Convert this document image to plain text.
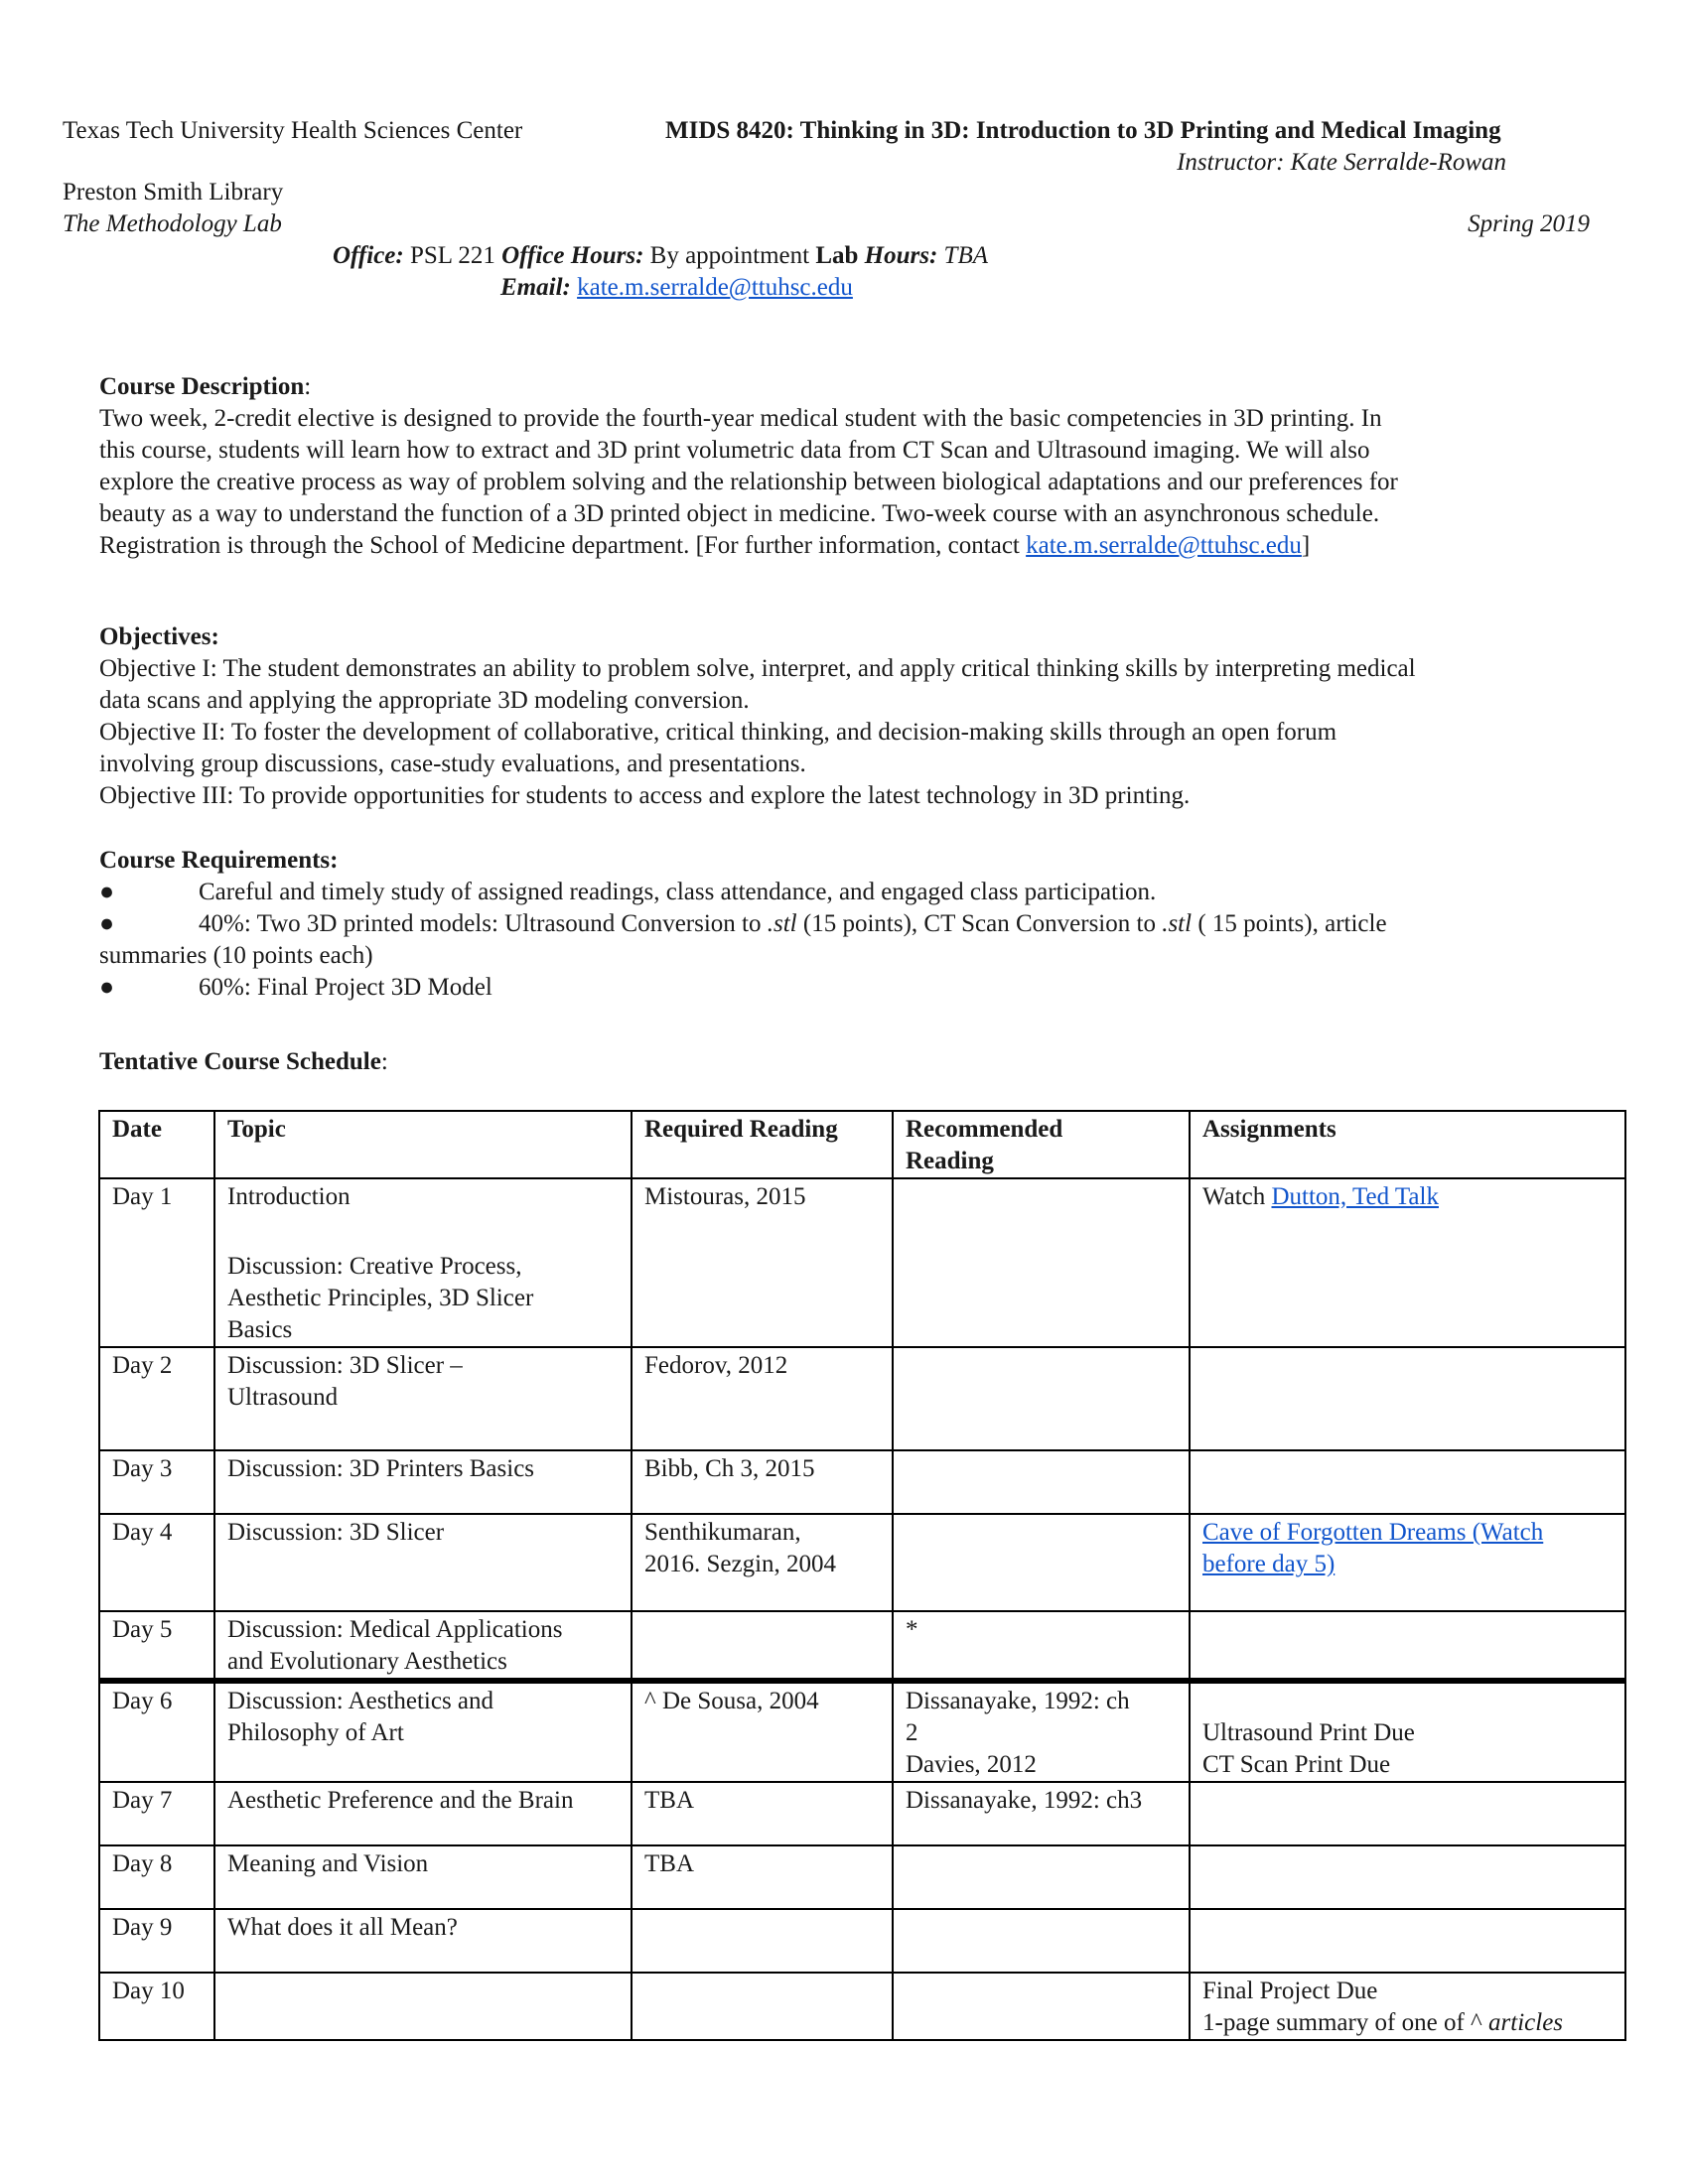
Texas Tech University Health Sciences Center	MIDS 8420: Thinking in 3D: Introduction to 3D Printing and Medical Imaging
Instructor: Kate Serralde-Rowan
Preston Smith Library
The Methodology Lab	Spring 2019
Office: PSL 221 Office Hours: By appointment Lab Hours: TBA
Email: kate.m.serralde@ttuhsc.edu

Course Description:

Two week, 2-credit elective is designed to provide the fourth-year medical student with the basic competencies in 3D printing. In

this course, students will learn how to extract and 3D print volumetric data from CT Scan and Ultrasound imaging. We will also

explore the creative process as way of problem solving and the relationship between biological adaptations and our preferences for

beauty as a way to understand the function of a 3D printed object in medicine. Two-week course with an asynchronous schedule.

Registration is through the School of Medicine department. [For further information, contact kate.m.serralde@ttuhsc.edu]

Objectives:

Objective I: The student demonstrates an ability to problem solve, interpret, and apply critical thinking skills by interpreting medical

data scans and applying the appropriate 3D modeling conversion.

Objective II: To foster the development of collaborative, critical thinking, and decision-making skills through an open forum

involving group discussions, case-study evaluations, and presentations.

Objective III: To provide opportunities for students to access and explore the latest technology in 3D printing.

Course Requirements:

●	Careful and timely study of assigned readings, class attendance, and engaged class participation.

●	40%: Two 3D printed models: Ultrasound Conversion to .stl (15 points), CT Scan Conversion to .stl ( 15 points), article

summaries (10 points each)

●	60%: Final Project 3D Model

Tentative Course Schedule:
Date	Topic	Required Reading	Recommended
Reading	Assignments
Day 1	Introduction
Discussion: Creative Process,
Aesthetic Principles, 3D Slicer
Basics	Mistouras, 2015		Watch Dutton, Ted Talk
Day 2	Discussion: 3D Slicer –
Ultrasound	Fedorov, 2012		
Day 3	Discussion: 3D Printers Basics	Bibb, Ch 3, 2015		
Day 4	Discussion: 3D Slicer	Senthikumaran,
2016. Sezgin, 2004		Cave of Forgotten Dreams (Watch
before day 5)
Day 5	Discussion: Medical Applications
and Evolutionary Aesthetics		*	
Day 6	Discussion: Aesthetics and
Philosophy of Art	^ De Sousa, 2004	Dissanayake, 1992: ch
2
Davies, 2012	Ultrasound Print Due
CT Scan Print Due
Day 7	Aesthetic Preference and the Brain	TBA	Dissanayake, 1992: ch3	
Day 8	Meaning and Vision	TBA		
Day 9	What does it all Mean?			
Day 10				Final Project Due
1-page summary of one of ^ articles
